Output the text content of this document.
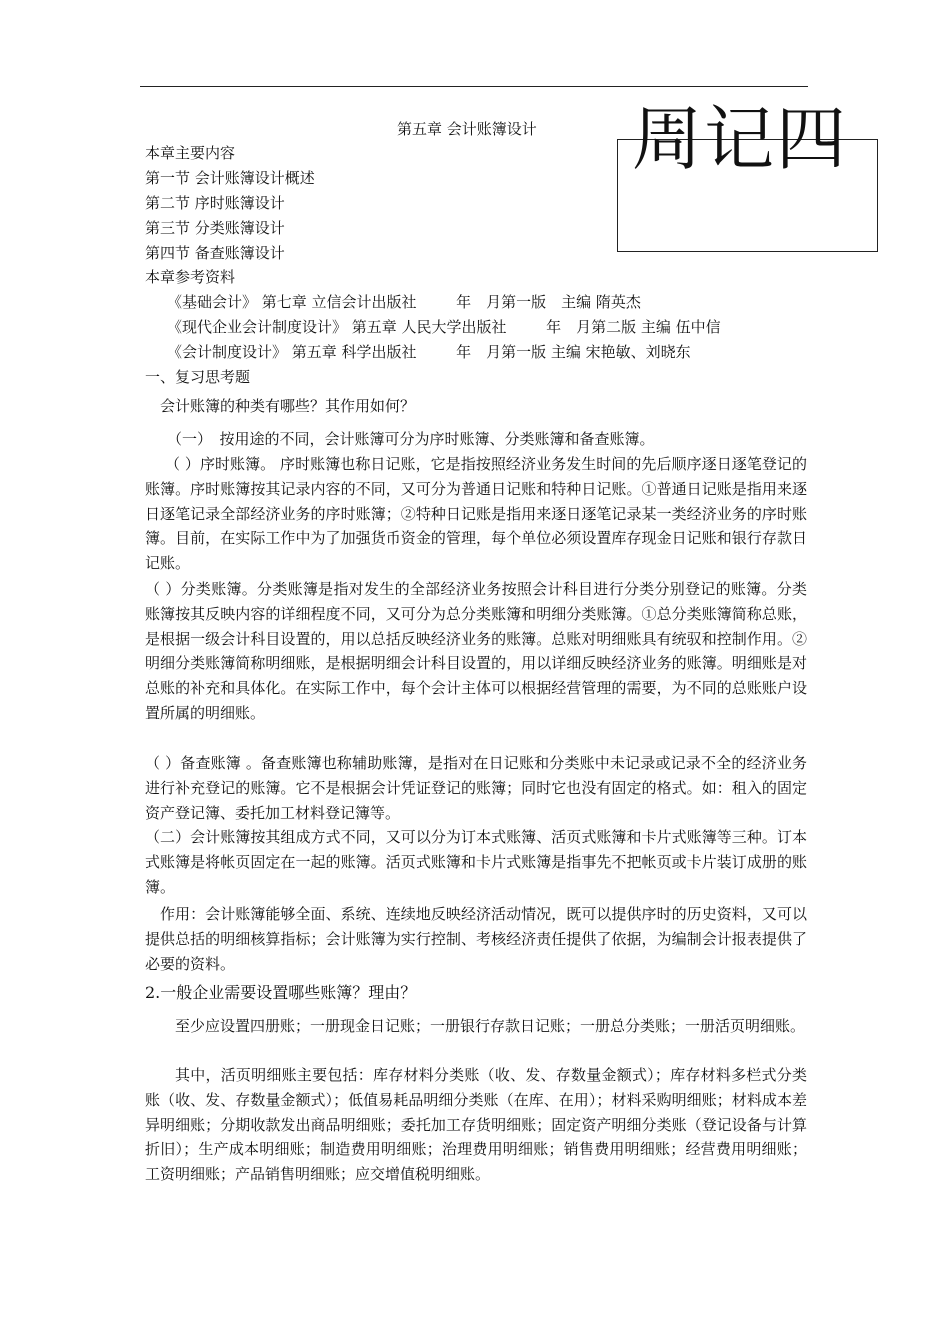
周记四
第五章 会计账簿设计
本章主要内容
第一节 会计账簿设计概述
第二节 序时账簿设计
第三节 分类账簿设计
第四节 备查账簿设计
本章参考资料
《基础会计》 第七章 立信会计出版社 　　 年　月第一版　主编 隋英杰
《现代企业会计制度设计》 第五章 人民大学出版社 　　 年　月第二版 主编 伍中信
《会计制度设计》 第五章 科学出版社 　　 年　月第一版 主编 宋艳敏、刘晓东
一、复习思考题
会计账簿的种类有哪些？其作用如何？
（一）　按用途的不同，会计账簿可分为序时账簿、分类账簿和备查账簿。
（ ）序时账簿。 序时账簿也称日记账，它是指按照经济业务发生时间的先后顺序逐日逐笔登记的账簿。序时账簿按其记录内容的不同，又可分为普通日记账和特种日记账。①普通日记账是指用来逐日逐笔记录全部经济业务的序时账簿；②特种日记账是指用来逐日逐笔记录某一类经济业务的序时账簿。目前，在实际工作中为了加强货币资金的管理，每个单位必须设置库存现金日记账和银行存款日记账。
（ ）分类账簿。分类账簿是指对发生的全部经济业务按照会计科目进行分类分别登记的账簿。分类账簿按其反映内容的详细程度不同，又可分为总分类账簿和明细分类账簿。①总分类账簿简称总账，是根据一级会计科目设置的，用以总括反映经济业务的账簿。总账对明细账具有统驭和控制作用。②明细分类账簿简称明细账，是根据明细会计科目设置的，用以详细反映经济业务的账簿。明细账是对总账的补充和具体化。在实际工作中，每个会计主体可以根据经营管理的需要，为不同的总账账户设置所属的明细账。
（ ）备查账簿 。备查账簿也称辅助账簿，是指对在日记账和分类账中未记录或记录不全的经济业务进行补充登记的账簿。它不是根据会计凭证登记的账簿；同时它也没有固定的格式。如：租入的固定资产登记簿、委托加工材料登记簿等。
（二）会计账簿按其组成方式不同，又可以分为订本式账簿、活页式账簿和卡片式账簿等三种。订本式账簿是将帐页固定在一起的账簿。活页式账簿和卡片式账簿是指事先不把帐页或卡片装订成册的账簿。
作用：会计账簿能够全面、系统、连续地反映经济活动情况，既可以提供序时的历史资料，又可以提供总括的明细核算指标；会计账簿为实行控制、考核经济责任提供了依据，为编制会计报表提供了必要的资料。
2.一般企业需要设置哪些账簿？理由？
至少应设置四册账；一册现金日记账；一册银行存款日记账；一册总分类账；一册活页明细账。
其中，活页明细账主要包括：库存材料分类账（收、发、存数量金额式）；库存材料多栏式分类账（收、发、存数量金额式）；低值易耗品明细分类账（在库、在用）；材料采购明细账；材料成本差异明细账；分期收款发出商品明细账；委托加工存货明细账；固定资产明细分类账（登记设备与计算折旧）；生产成本明细账；制造费用明细账；治理费用明细账；销售费用明细账；经营费用明细账；工资明细账；产品销售明细账；应交增值税明细账。
